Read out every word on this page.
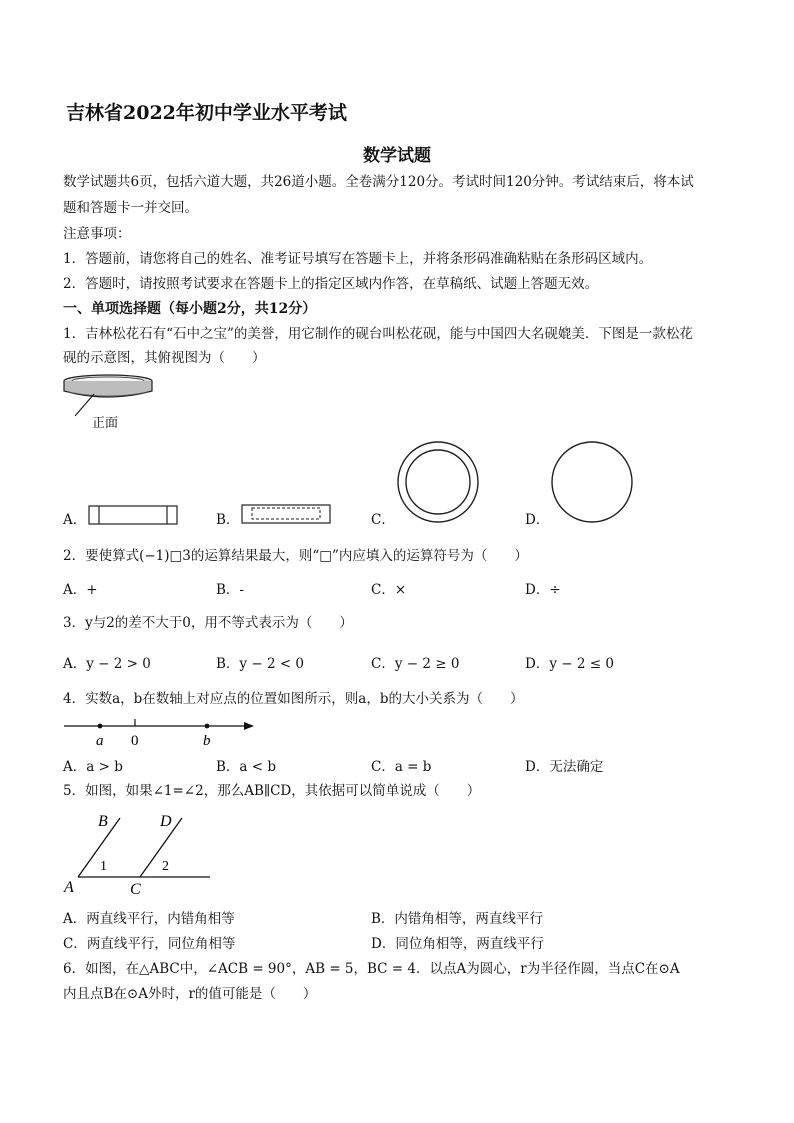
吉林省2022年初中学业水平考试
数学试题
数学试题共6页，包括六道大题，共26道小题。全卷满分120分。考试时间120分钟。考试结束后，将本试
题和答题卡一并交回。
注意事项：
1．答题前，请您将自己的姓名、准考证号填写在答题卡上，并将条形码准确粘贴在条形码区域内。
2．答题时，请按照考试要求在答题卡上的指定区域内作答，在草稿纸、试题上答题无效。
一、单项选择题（每小题2分，共12分）
1．吉林松花石有“石中之宝”的美誉，用它制作的砚台叫松花砚，能与中国四大名砚媲美．下图是一款松花
砚的示意图，其俯视图为（　　）
正面
A．	B．	C．	D．
2．要使算式(−1)□3的运算结果最大，则“□”内应填入的运算符号为（　　）
A．+	B．-	C．×	D．÷
3．y与2的差不大于0，用不等式表示为（　　）
A．y − 2 > 0	B．y − 2 < 0	C．y − 2 ≥ 0	D．y − 2 ≤ 0
4．实数a，b在数轴上对应点的位置如图所示，则a，b的大小关系为（　　）
a 0	b
A．a > b	B．a < b	C．a = b	D．无法确定
5．如图，如果∠1=∠2，那么AB∥CD，其依据可以简单说成（　　）
B	D
1	2
A	C
A．两直线平行，内错角相等	B．内错角相等，两直线平行
C．两直线平行，同位角相等	D．同位角相等，两直线平行
6．如图，在△ABC中，∠ACB = 90°，AB = 5，BC = 4．以点A为圆心，r为半径作圆，当点C在⊙A
内且点B在⊙A外时，r的值可能是（　　）
